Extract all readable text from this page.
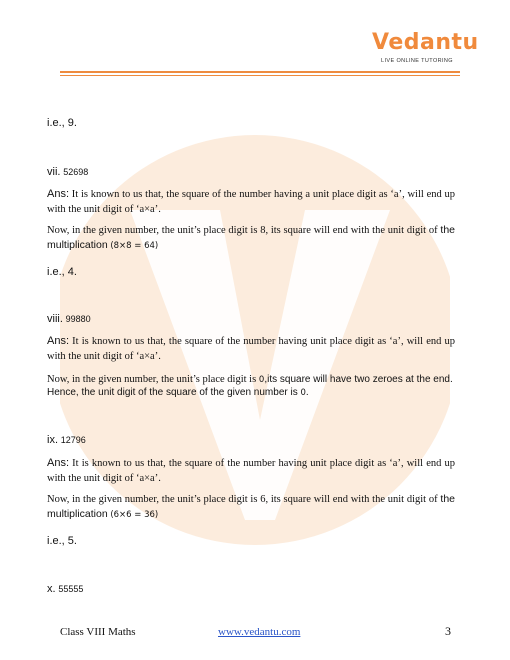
Vedantu
LIVE ONLINE TUTORING
i.e., 9.
vii. 52698
Ans: It is known to us that, the square of the number having a unit place digit as ‘a’, will end up with the unit digit of ‘a×a’.
Now, in the given number, the unit’s place digit is 8, its square will end with the unit digit of the multiplication (8×8 = 64)
i.e., 4.
viii. 99880
Ans: It is known to us that, the square of the number having unit place digit as ‘a’, will end up with the unit digit of ‘a×a’.
Now, in the given number, the unit’s place digit is 0,its square will have two zeroes at the end.
Hence, the unit digit of the square of the given number is 0.
ix. 12796
Ans: It is known to us that, the square of the number having unit place digit as ‘a’, will end up with the unit digit of ‘a×a’.
Now, in the given number, the unit’s place digit is 6, its square will end with the unit digit of the multiplication (6×6 = 36)
i.e., 5.
x. 55555
Class VIII Maths	www.vedantu.com	3
